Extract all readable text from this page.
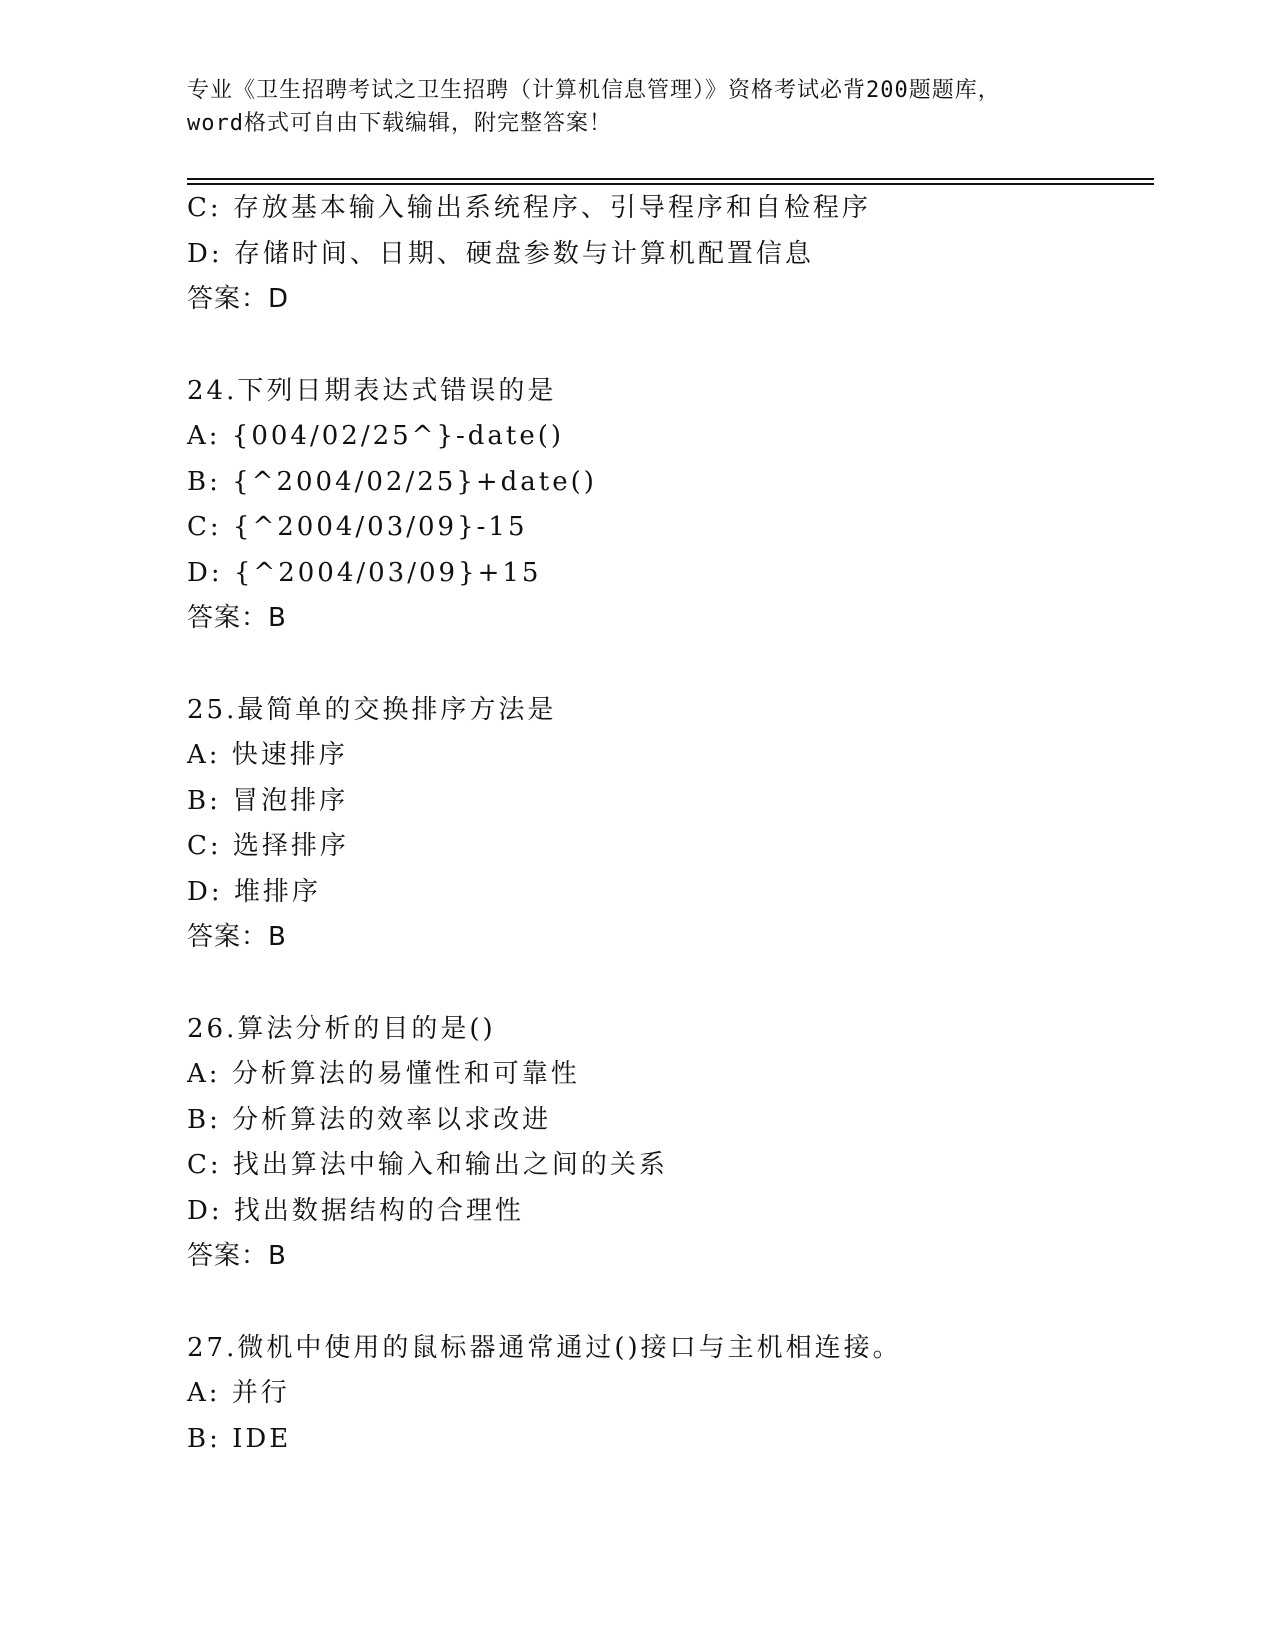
专业《卫生招聘考试之卫生招聘（计算机信息管理）》资格考试必背200题题库，
word格式可自由下载编辑，附完整答案！
C: 存放基本输入输出系统程序、引导程序和自检程序
D: 存储时间、日期、硬盘参数与计算机配置信息
答案：D
24.下列日期表达式错误的是
A: {004/02/25^}-date()
B: {^2004/02/25}+date()
C: {^2004/03/09}-15
D: {^2004/03/09}+15
答案：B
25.最简单的交换排序方法是
A: 快速排序
B: 冒泡排序
C: 选择排序
D: 堆排序
答案：B
26.算法分析的目的是()
A: 分析算法的易懂性和可靠性
B: 分析算法的效率以求改进
C: 找出算法中输入和输出之间的关系
D: 找出数据结构的合理性
答案：B
27.微机中使用的鼠标器通常通过()接口与主机相连接。
A: 并行
B: IDE
